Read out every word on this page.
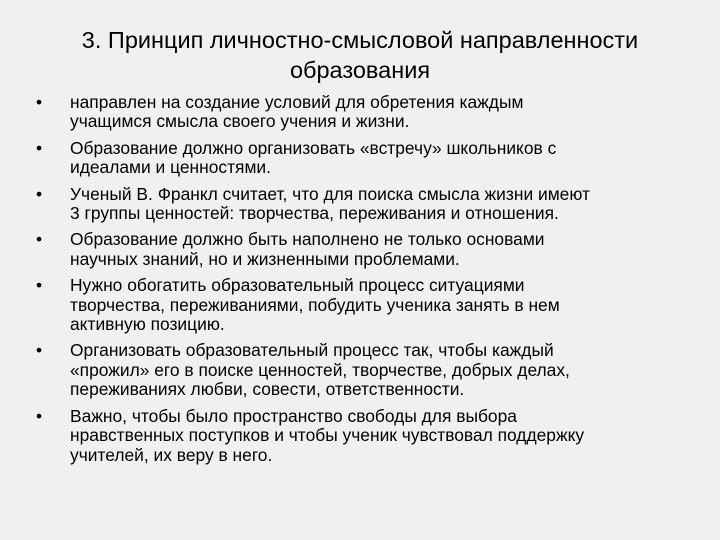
3. Принцип личностно-смысловой направленности
образования
• направлен на создание условий для обретения каждым
учащимся смысла своего учения и жизни.
• Образование должно организовать «встречу» школьников с
идеалами и ценностями.
• Ученый В. Франкл считает, что для поиска смысла жизни имеют
3 группы ценностей: творчества, переживания и отношения.
• Образование должно быть наполнено не только основами
научных знаний, но и жизненными проблемами.
• Нужно обогатить образовательный процесс ситуациями
творчества, переживаниями, побудить ученика занять в нем
активную позицию.
• Организовать образовательный процесс так, чтобы каждый
«прожил» его в поиске ценностей, творчестве, добрых делах,
переживаниях любви, совести, ответственности.
• Важно, чтобы было пространство свободы для выбора
нравственных поступков и чтобы ученик чувствовал поддержку
учителей, их веру в него.
